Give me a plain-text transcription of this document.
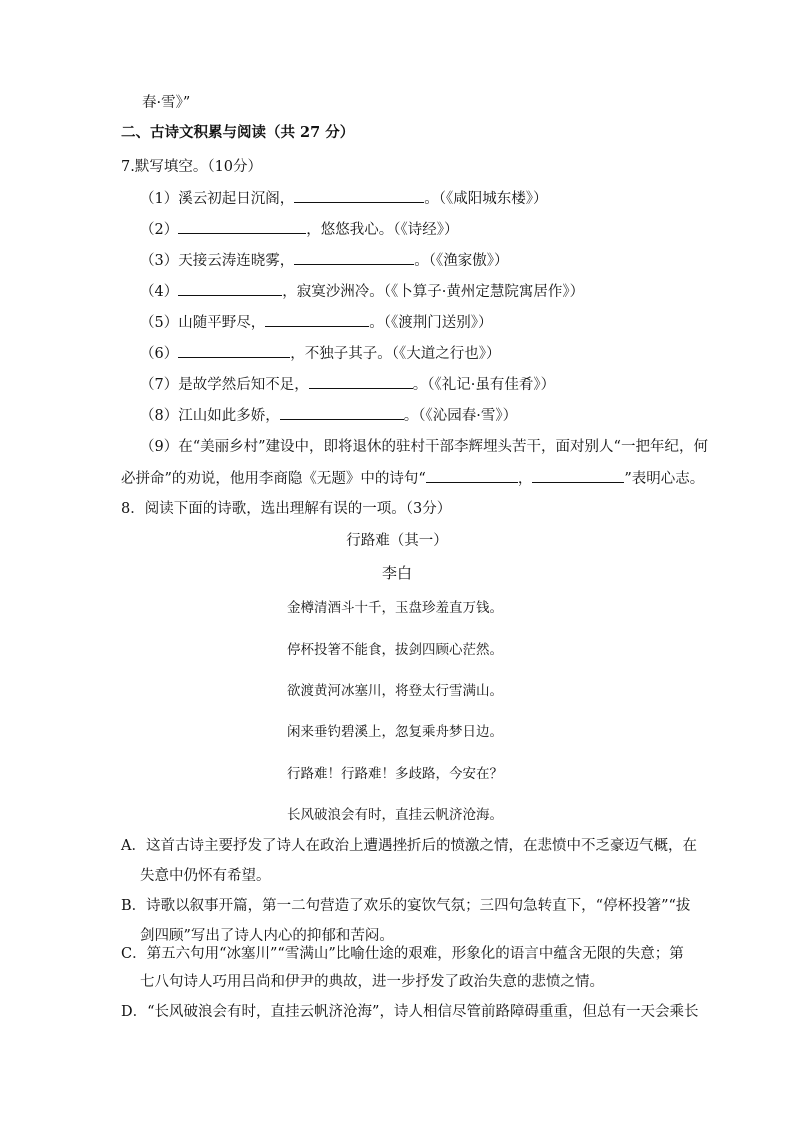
春·雪》”
二、古诗文积累与阅读（共 27 分）
7.默写填空。（10分）
（1）溪云初起日沉阁，	。（《咸阳城东楼》）
（2）	，悠悠我心。（《诗经》）
（3）天接云涛连晓雾，	。（《渔家傲》）
（4）	，寂寞沙洲冷。（《卜算子·黄州定慧院寓居作》）
（5）山随平野尽，	。（《渡荆门送别》）
（6）	，不独子其子。（《大道之行也》）
（7）是故学然后知不足，	。（《礼记·虽有佳肴》）
（8）江山如此多娇，	。（《沁园春·雪》）
（9）在“美丽乡村”建设中，即将退休的驻村干部李辉埋头苦干，面对别人“一把年纪，何
必拼命”的劝说，他用李商隐《无题》中的诗句“	，	”表明心志。
8．阅读下面的诗歌，选出理解有误的一项。（3分）
行路难（其一）
李白
金樽清酒斗十千，玉盘珍羞直万钱。
停杯投箸不能食，拔剑四顾心茫然。
欲渡黄河冰塞川，将登太行雪满山。
闲来垂钓碧溪上，忽复乘舟梦日边。
行路难！行路难！多歧路，今安在？
长风破浪会有时，直挂云帆济沧海。
A．这首古诗主要抒发了诗人在政治上遭遇挫折后的愤激之情，在悲愤中不乏豪迈气概，在
失意中仍怀有希望。
B．诗歌以叙事开篇，第一二句营造了欢乐的宴饮气氛；三四句急转直下，“停杯投箸”“拔
剑四顾”写出了诗人内心的抑郁和苦闷。
C．第五六句用“冰塞川”“雪满山”比喻仕途的艰难，形象化的语言中蕴含无限的失意；第
七八句诗人巧用吕尚和伊尹的典故，进一步抒发了政治失意的悲愤之情。
D．“长风破浪会有时，直挂云帆济沧海”，诗人相信尽管前路障碍重重，但总有一天会乘长
